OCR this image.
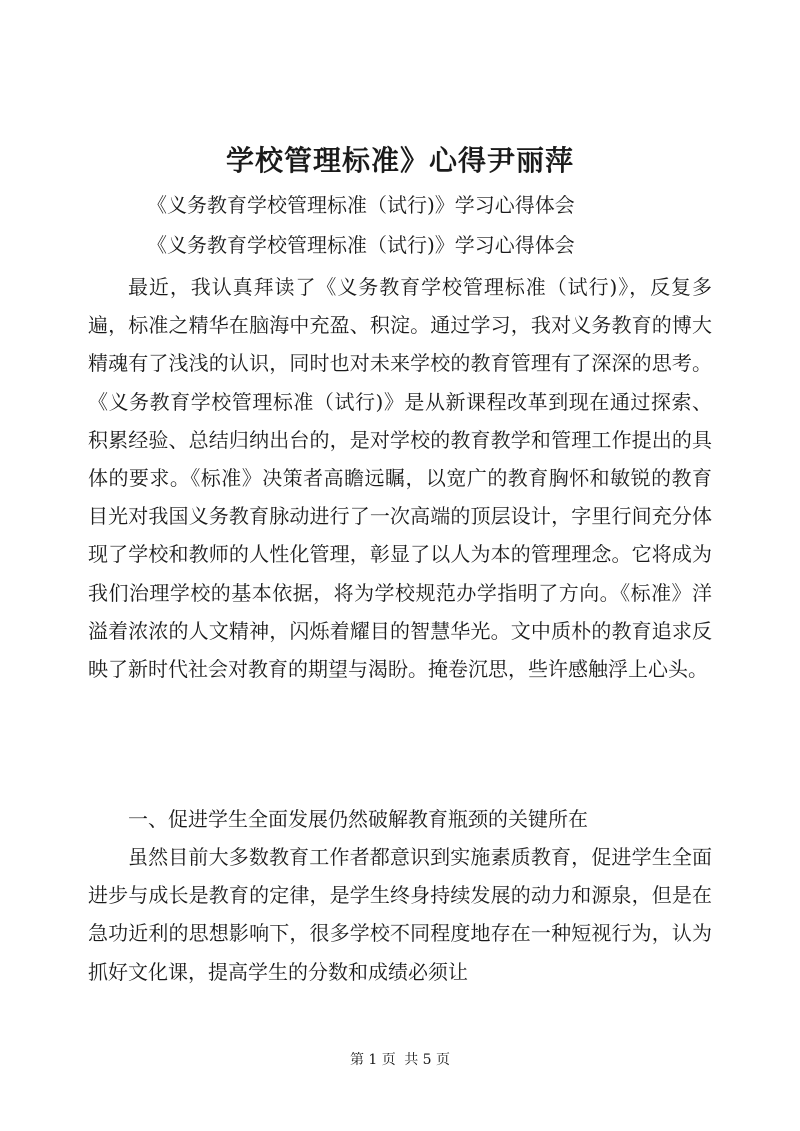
学校管理标准》心得尹丽萍

《义务教育学校管理标准（试行)》学习心得体会

《义务教育学校管理标准（试行)》学习心得体会

最近，我认真拜读了《义务教育学校管理标准（试行)》，反复多遍，标准之精华在脑海中充盈、积淀。通过学习，我对义务教育的博大精魂有了浅浅的认识，同时也对未来学校的教育管理有了深深的思考。《义务教育学校管理标准（试行)》是从新课程改革到现在通过探索、积累经验、总结归纳出台的，是对学校的教育教学和管理工作提出的具体的要求。《标准》决策者高瞻远瞩，以宽广的教育胸怀和敏锐的教育目光对我国义务教育脉动进行了一次高端的顶层设计，字里行间充分体现了学校和教师的人性化管理，彰显了以人为本的管理理念。它将成为我们治理学校的基本依据，将为学校规范办学指明了方向。《标准》洋溢着浓浓的人文精神，闪烁着耀目的智慧华光。文中质朴的教育追求反映了新时代社会对教育的期望与渴盼。掩卷沉思，些许感触浮上心头。

一、促进学生全面发展仍然破解教育瓶颈的关键所在

虽然目前大多数教育工作者都意识到实施素质教育，促进学生全面进步与成长是教育的定律，是学生终身持续发展的动力和源泉，但是在急功近利的思想影响下，很多学校不同程度地存在一种短视行为，认为抓好文化课，提高学生的分数和成绩必须让

第 1 页 共 5 页
